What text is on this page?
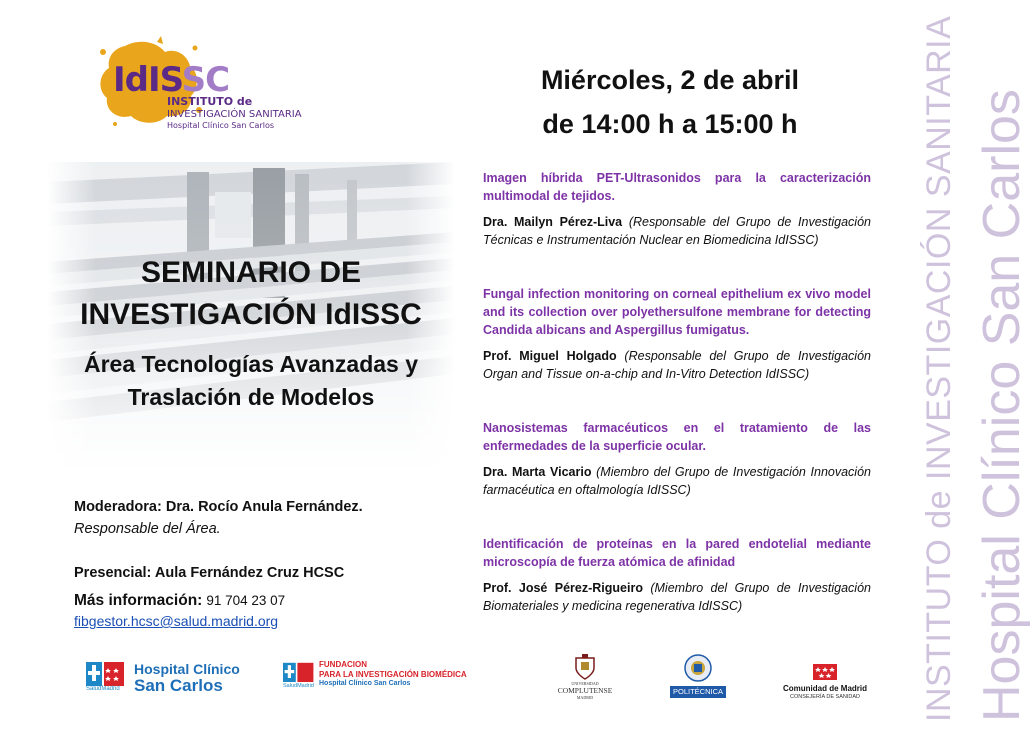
IdISSC
INSTITUTO de
INVESTIGACIÓN SANITARIA
Hospital Clínico San Carlos
SEMINARIO DE
INVESTIGACIÓN IdISSC
Área Tecnologías Avanzadas y
Traslación de Modelos
Moderadora: Dra. Rocío Anula Fernández.
Responsable del Área.
Presencial: Aula Fernández Cruz HCSC
Más información: 91 704 23 07
fibgestor.hcsc@salud.madrid.org
Miércoles, 2 de abril
de 14:00 h a 15:00 h
Imagen híbrida PET-Ultrasonidos para la caracterización multimodal de tejidos.
Dra. Mailyn Pérez-Liva (Responsable del Grupo de Investigación Técnicas e Instrumentación Nuclear en Biomedicina IdISSC)
Fungal infection monitoring on corneal epithelium ex vivo model and its collection over polyethersulfone membrane for detecting Candida albicans and Aspergillus fumigatus.
Prof. Miguel Holgado (Responsable del Grupo de Investigación Organ and Tissue on-a-chip and In-Vitro Detection IdISSC)
Nanosistemas farmacéuticos en el tratamiento de las enfermedades de la superficie ocular.
Dra. Marta Vicario (Miembro del Grupo de Investigación Innovación farmacéutica en oftalmología IdISSC)
Identificación de proteínas en la pared endotelial mediante microscopía de fuerza atómica de afinidad
Prof. José Pérez-Rigueiro (Miembro del Grupo de Investigación Biomateriales y medicina regenerativa IdISSC)	INSTITUTO de INVESTIGACIÓN SANITARIA Hospital Clínico San Carlos
SaludMadrid
Hospital Clínico
San Carlos	SaludMadrid
FUNDACION
PARA LA INVESTIGACIÓN BIOMÉDICA
Hospital Clínico San Carlos	UNIVERSIDAD
COMPLUTENSE
MADRID
POLITÉCNICA	Comunidad de Madrid
CONSEJERÍA DE SANIDAD
